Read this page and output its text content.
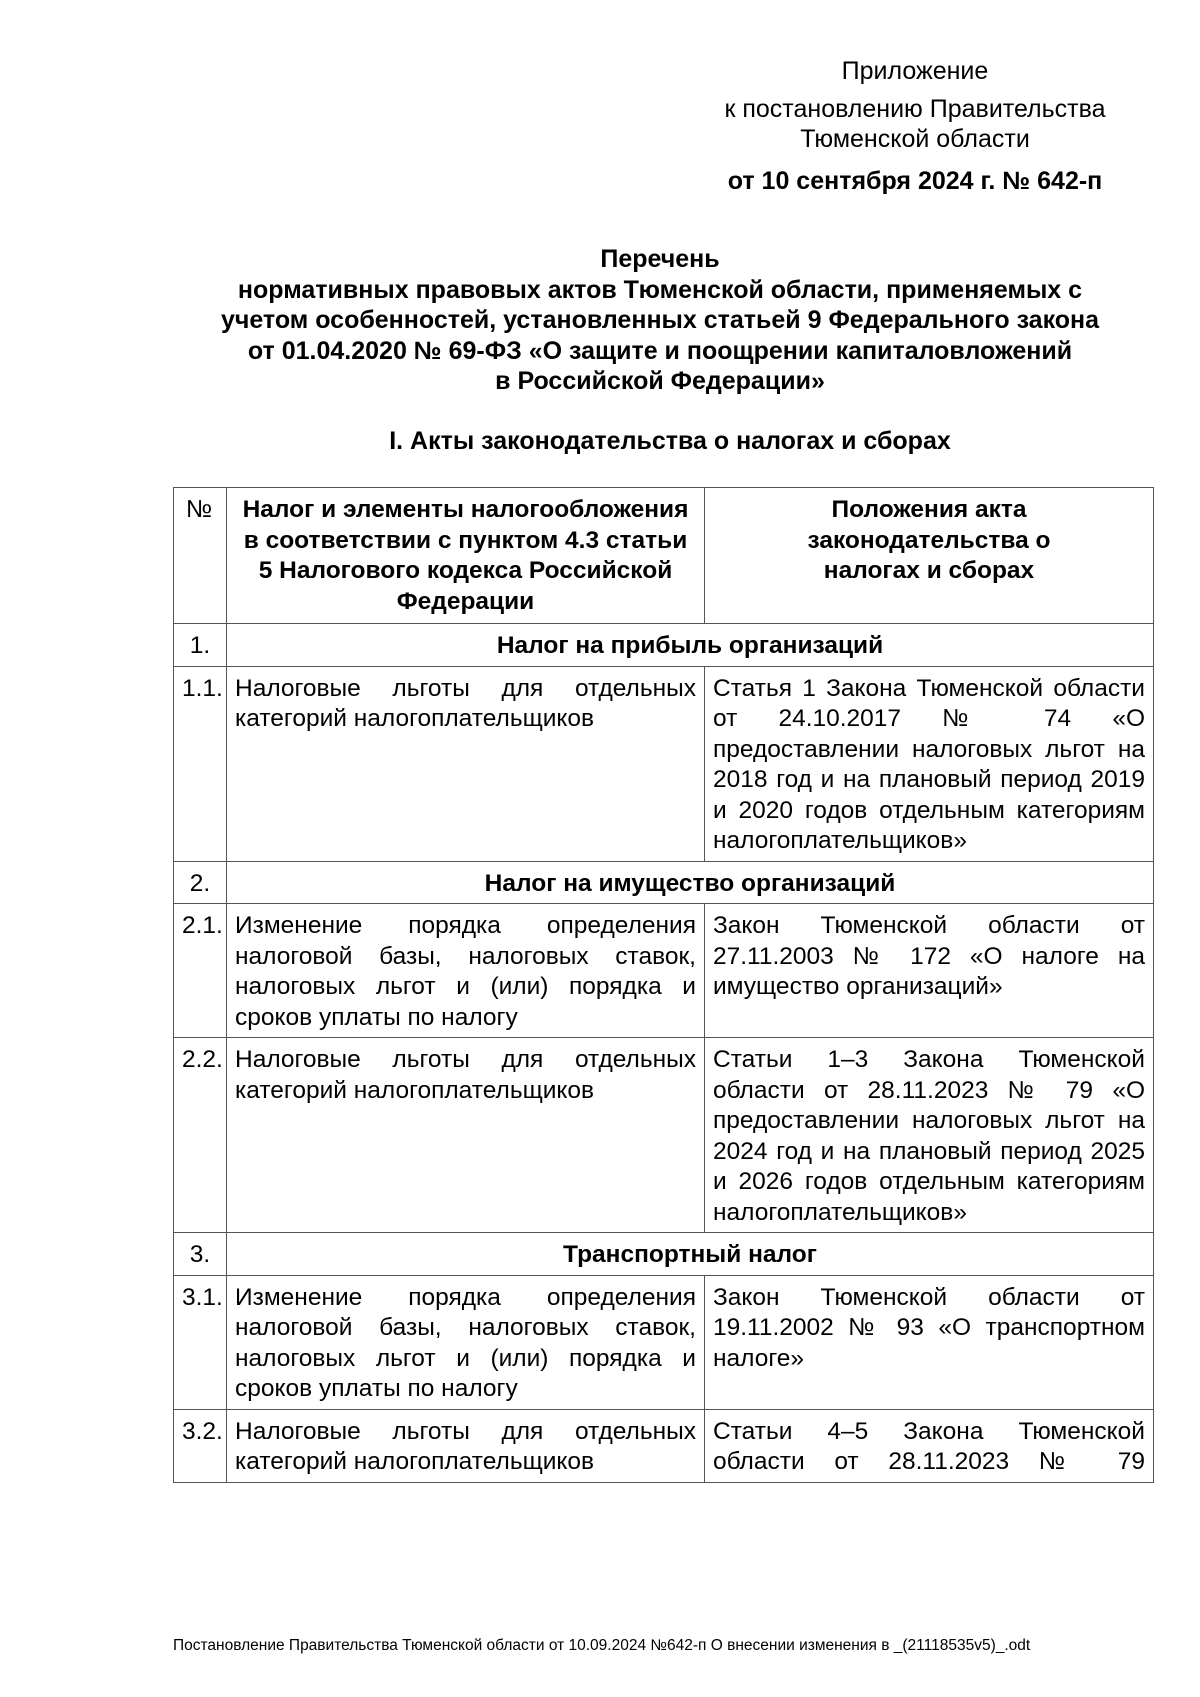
Приложение
к постановлению Правительства
Тюменской области
от 10 сентября 2024 г. № 642-п
Перечень
нормативных правовых актов Тюменской области, применяемых с
учетом особенностей, установленных статьей 9 Федерального закона
от 01.04.2020 № 69-ФЗ «О защите и поощрении капиталовложений
в Российской Федерации»
I. Акты законодательства о налогах и сборах
№	Налог и элементы налогообложения в соответствии с пунктом 4.3 статьи 5 Налогового кодекса Российской Федерации	Положения акта законодательства о налогах и сборах
1.	Налог на прибыль организаций	
1.1.	Налоговые льготы для отдельных категорий налогоплательщиков	Статья 1 Закона Тюменской области от 24.10.2017 № 74 «О предоставлении налоговых льгот на 2018 год и на плановый период 2019 и 2020 годов отдельным категориям налогоплательщиков»
2.	Налог на имущество организаций	
2.1.	Изменение порядка определения налоговой базы, налоговых ставок, налоговых льгот и (или) порядка и сроков уплаты по налогу	Закон Тюменской области от 27.11.2003 № 172 «О налоге на имущество организаций»
2.2.	Налоговые льготы для отдельных категорий налогоплательщиков	Статьи 1–3 Закона Тюменской области от 28.11.2023 № 79 «О предоставлении налоговых льгот на 2024 год и на плановый период 2025 и 2026 годов отдельным категориям налогоплательщиков»
3.	Транспортный налог	
3.1.	Изменение порядка определения налоговой базы, налоговых ставок, налоговых льгот и (или) порядка и сроков уплаты по налогу	Закон Тюменской области от 19.11.2002 № 93 «О транспортном налоге»
3.2.	Налоговые льготы для отдельных категорий налогоплательщиков	Статьи 4–5 Закона Тюменской области от 28.11.2023 № 79
Постановление Правительства Тюменской области от 10.09.2024 №642-п О внесении изменения в _(21118535v5)_.odt
